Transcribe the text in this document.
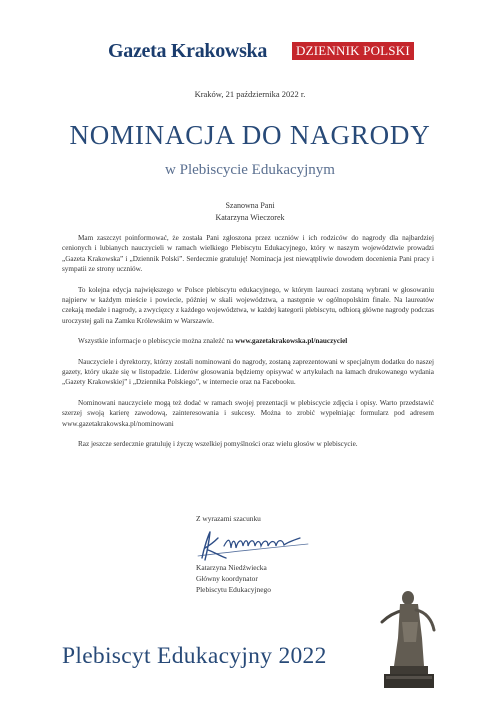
Gazeta Krakowska	DZIENNIK POLSKI
Kraków, 21 października 2022 r.
NOMINACJA DO NAGRODY
w Plebiscycie Edukacyjnym
Szanowna Pani
Katarzyna Wieczorek

Mam zaszczyt poinformować, że została Pani zgłoszona przez uczniów i ich rodziców do nagrody dla najbardziej cenionych i lubianych nauczycieli w ramach wielkiego Plebiscytu Edukacyjnego, który w naszym województwie prowadzi „Gazeta Krakowska” i „Dziennik Polski”. Serdecznie gratuluję! Nominacja jest niewątpliwie dowodem docenienia Pani pracy i sympatii ze strony uczniów.

To kolejna edycja największego w Polsce plebiscytu edukacyjnego, w którym laureaci zostaną wybrani w głosowaniu najpierw w każdym mieście i powiecie, później w skali województwa, a następnie w ogólnopolskim finale. Na laureatów czekają medale i nagrody, a zwycięzcy z każdego województwa, w każdej kategorii plebiscytu, odbiorą główne nagrody podczas uroczystej gali na Zamku Królewskim w Warszawie.

Wszystkie informacje o plebiscycie można znaleźć na www.gazetakrakowska.pl/nauczyciel

Nauczyciele i dyrektorzy, którzy zostali nominowani do nagrody, zostaną zaprezentowani w specjalnym dodatku do naszej gazety, który ukaże się w listopadzie. Liderów głosowania będziemy opisywać w artykułach na łamach drukowanego wydania „Gazety Krakowskiej” i „Dziennika Polskiego”, w internecie oraz na Facebooku.

Nominowani nauczyciele mogą też dodać w ramach swojej prezentacji w plebiscycie zdjęcia i opisy. Warto przedstawić szerzej swoją karierę zawodową, zainteresowania i sukcesy. Można to zrobić wypełniając formularz pod adresem www.gazetakrakowska.pl/nominowani

Raz jeszcze serdecznie gratuluję i życzę wszelkiej pomyślności oraz wielu głosów w plebiscycie.

Z wyrazami szacunku
Katarzyna Niedźwiecka
Główny koordynator
Plebiscytu Edukacyjnego
Plebiscyt Edukacyjny 2022
